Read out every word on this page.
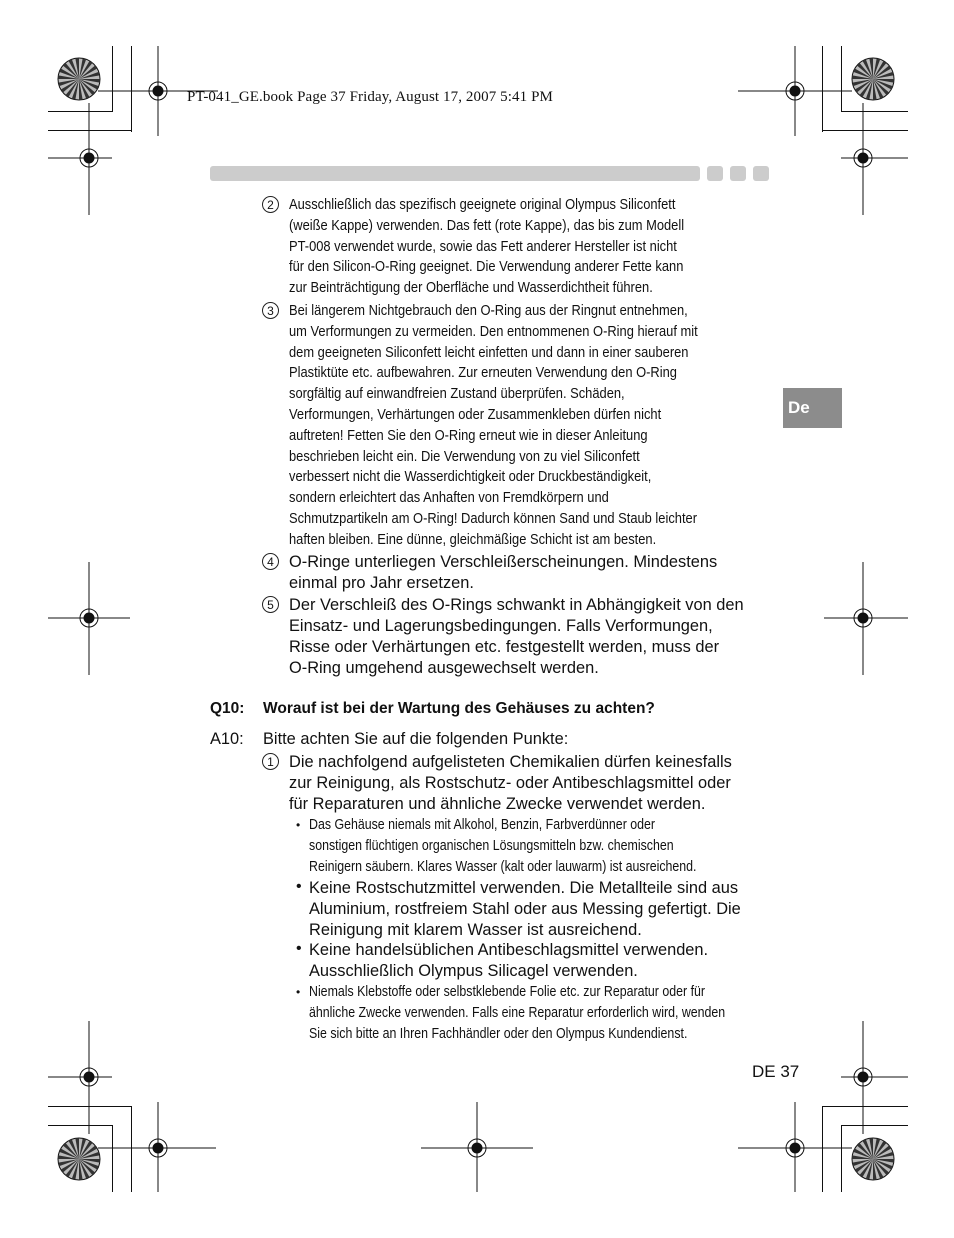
PT-041_GE.book Page 37 Friday, August 17, 2007 5:41 PM
De
2	Ausschließlich das spezifisch geeignete original Olympus Siliconfett
(weiße Kappe) verwenden. Das fett (rote Kappe), das bis zum Modell
PT-008 verwendet wurde, sowie das Fett anderer Hersteller ist nicht
für den Silicon-O-Ring geeignet. Die Verwendung anderer Fette kann
zur Beinträchtigung der Oberfläche und Wasserdichtheit führen.
3	Bei längerem Nichtgebrauch den O-Ring aus der Ringnut entnehmen,
um Verformungen zu vermeiden. Den entnommenen O-Ring hierauf mit
dem geeigneten Siliconfett leicht einfetten und dann in einer sauberen
Plastiktüte etc. aufbewahren. Zur erneuten Verwendung den O-Ring
sorgfältig auf einwandfreien Zustand überprüfen. Schäden,
Verformungen, Verhärtungen oder Zusammenkleben dürfen nicht
auftreten! Fetten Sie den O-Ring erneut wie in dieser Anleitung
beschrieben leicht ein. Die Verwendung von zu viel Siliconfett
verbessert nicht die Wasserdichtigkeit oder Druckbeständigkeit,
sondern erleichtert das Anhaften von Fremdkörpern und
Schmutzpartikeln am O-Ring! Dadurch können Sand und Staub leichter
haften bleiben. Eine dünne, gleichmäßige Schicht ist am besten.
4 O-Ringe unterliegen Verschleißerscheinungen. Mindestens
einmal pro Jahr ersetzen.
5 Der Verschleiß des O-Rings schwankt in Abhängigkeit von den
Einsatz- und Lagerungsbedingungen. Falls Verformungen,
Risse oder Verhärtungen etc. festgestellt werden, muss der
O-Ring umgehend ausgewechselt werden.
Q10: Worauf ist bei der Wartung des Gehäuses zu achten?
A10: Bitte achten Sie auf die folgenden Punkte:
1 Die nachfolgend aufgelisteten Chemikalien dürfen keinesfalls
zur Reinigung, als Rostschutz- oder Antibeschlagsmittel oder
für Reparaturen und ähnliche Zwecke verwendet werden.
• Das Gehäuse niemals mit Alkohol, Benzin, Farbverdünner oder
sonstigen flüchtigen organischen Lösungsmitteln bzw. chemischen
Reinigern säubern. Klares Wasser (kalt oder lauwarm) ist ausreichend.
• Keine Rostschutzmittel verwenden. Die Metallteile sind aus
Aluminium, rostfreiem Stahl oder aus Messing gefertigt. Die
Reinigung mit klarem Wasser ist ausreichend.
• Keine handelsüblichen Antibeschlagsmittel verwenden.
Ausschließlich Olympus Silicagel verwenden.
• Niemals Klebstoffe oder selbstklebende Folie etc. zur Reparatur oder für
ähnliche Zwecke verwenden. Falls eine Reparatur erforderlich wird, wenden
Sie sich bitte an Ihren Fachhändler oder den Olympus Kundendienst.
DE 37
